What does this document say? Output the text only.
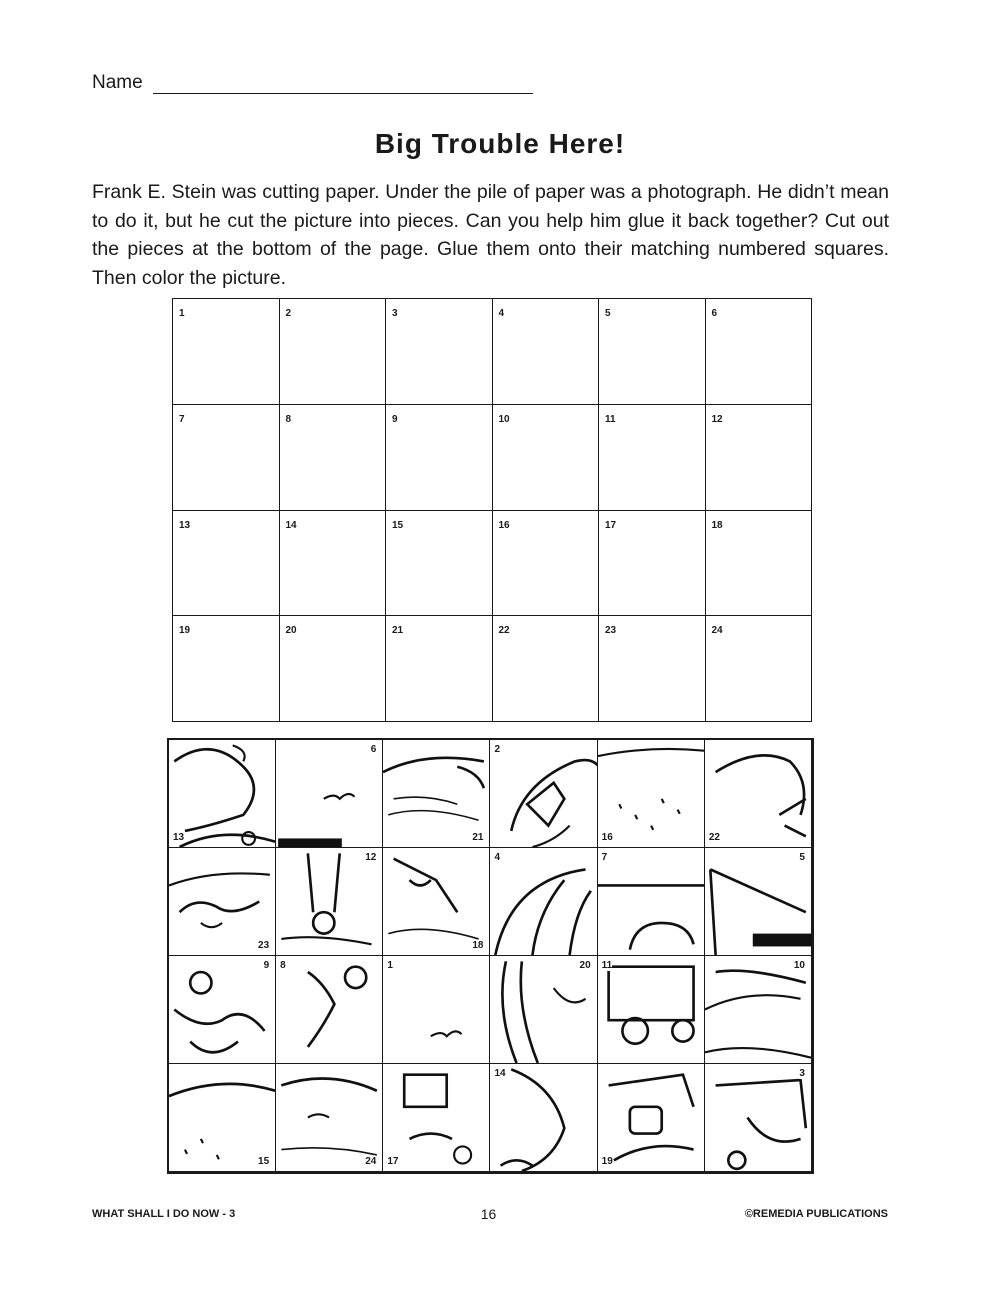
Name
Big Trouble Here!
Frank E. Stein was cutting paper. Under the pile of paper was a photograph. He didn’t mean to do it, but he cut the picture into pieces. Can you help him glue it back together? Cut out the pieces at the bottom of the page. Glue them onto their matching numbered squares. Then color the picture.
1	2	3	4	5	6
7	8	9	10	11	12
13	14	15	16	17	18
19	20	21	22	23	24
13
6
21
2
16	22
23
12
18
4	7	5
9 8	1	20 11	10
15	24 17
14
19
3
WHAT SHALL I DO NOW - 3	16	©REMEDIA PUBLICATIONS
